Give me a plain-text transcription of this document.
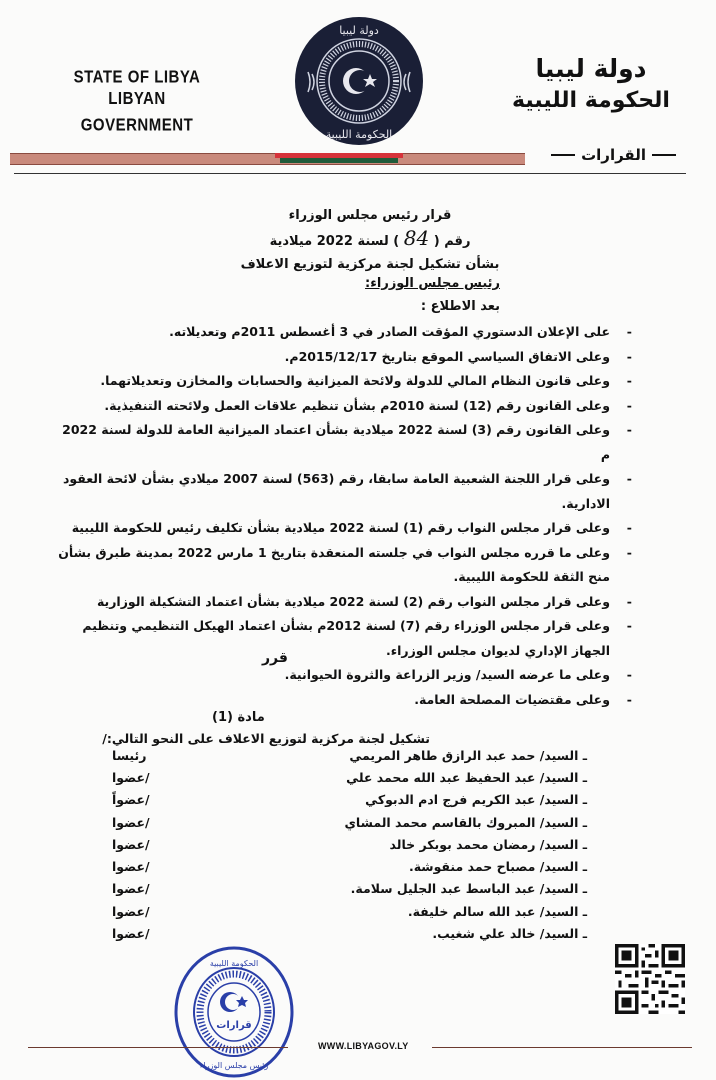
STATE OF LIBYA
LIBYAN GOVERNMENT
دولة ليبيا
الحكومة الليبية
دولة ليبيا
الحكومة الليبية
القرارات
قرار رئيس مجلس الوزراء
رقم ( 84 ) لسنة 2022 ميلادية
بشأن تشكيل لجنة مركزية لتوزيع الاعلاف
رئيس مجلس الوزراء:
بعد الاطلاع :
- على الإعلان الدستوري المؤقت الصادر في 3 أغسطس 2011م وتعديلاته.
- وعلى الاتفاق السياسي الموقع بتاريخ 2015/12/17م.
- وعلى قانون النظام المالي للدولة ولائحة الميزانية والحسابات والمخازن وتعديلاتهما.
- وعلى القانون رقم (12) لسنة 2010م بشأن تنظيم علاقات العمل ولائحته التنفيذية.
- وعلى القانون رقم (3) لسنة 2022 ميلادية بشأن اعتماد الميزانية العامة للدولة لسنة 2022 م
- وعلى قرار اللجنة الشعبية العامة سابقا، رقم (563) لسنة 2007 ميلادي بشأن لائحة العقود الادارية.
- وعلى قرار مجلس النواب رقم (1) لسنة 2022 ميلادية بشأن تكليف رئيس للحكومة الليبية
- وعلى ما قرره مجلس النواب في جلسته المنعقدة بتاريخ 1 مارس 2022 بمدينة طبرق بشأن منح الثقة للحكومة الليبية.
- وعلى قرار مجلس النواب رقم (2) لسنة 2022 ميلادية بشأن اعتماد التشكيلة الوزارية
- وعلى قرار مجلس الوزراء رقم (7) لسنة 2012م بشأن اعتماد الهيكل التنظيمي وتنظيم الجهاز الإداري لديوان مجلس الوزراء.
- وعلى ما عرضه السيد/ وزير الزراعة والثروة الحيوانية.
- وعلى مقتضيات المصلحة العامة.
قرر
مادة (1)
تشكيل لجنة مركزية لتوزيع الاعلاف على النحو التالي:/
ـ السيد/ حمد عبد الرازق طاهر المريمي
رئيسا
ـ السيد/ عبد الحفيظ عبد الله محمد علي
/عضوا
ـ السيد/ عبد الكريم فرج ادم الدبوكي
/عضواً
ـ السيد/ المبروك بالقاسم محمد المشاي
/عضوا
ـ السيد/ رمضان محمد بوبكر خالد
/عضوا
ـ السيد/ مصباح حمد منقوشة.
/عضوا
ـ السيد/ عبد الباسط عبد الجليل سلامة.
/عضوا
ـ السيد/ عبد الله سالم خليفة.
/عضوا
ـ السيد/ خالد علي شغيب.
/عضوا
قرارات
الحكومة الليبية
رئيس مجلس الوزراء
WWW.LIBYAGOV.LY
